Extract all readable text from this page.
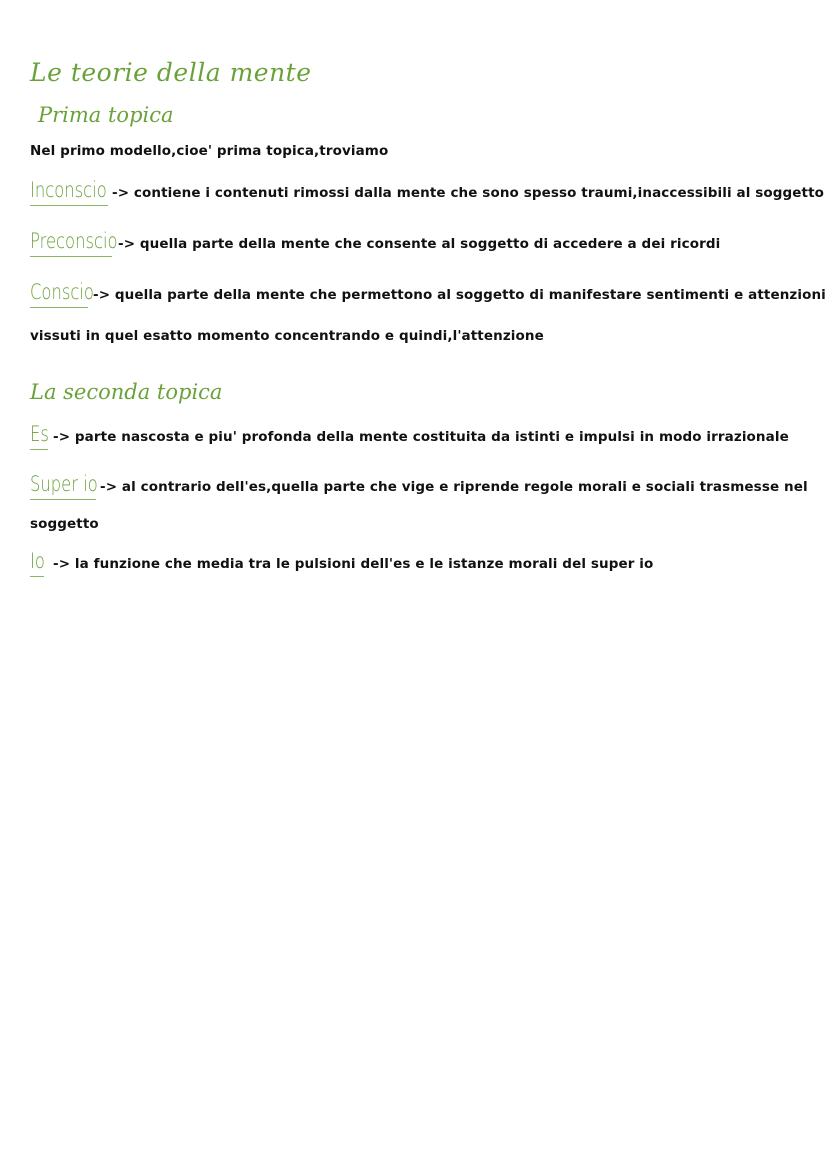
Le teorie della mente
Prima topica
Nel primo modello,cioe' prima topica,troviamo
Inconscio -> contiene i contenuti rimossi dalla mente che sono spesso traumi,inaccessibili al soggetto
Preconscio -> quella parte della mente che consente al soggetto di accedere a dei ricordi
Conscio -> quella parte della mente che permettono al soggetto di manifestare sentimenti e attenzioni
vissuti in quel esatto momento concentrando e quindi,l'attenzione
La seconda topica
Es -> parte nascosta e piu' profonda della mente costituita da istinti e impulsi in modo irrazionale
Super io -> al contrario dell'es,quella parte che vige e riprende regole morali e sociali trasmesse nel
soggetto
Io -> la funzione che media tra le pulsioni dell'es e le istanze morali del super io
